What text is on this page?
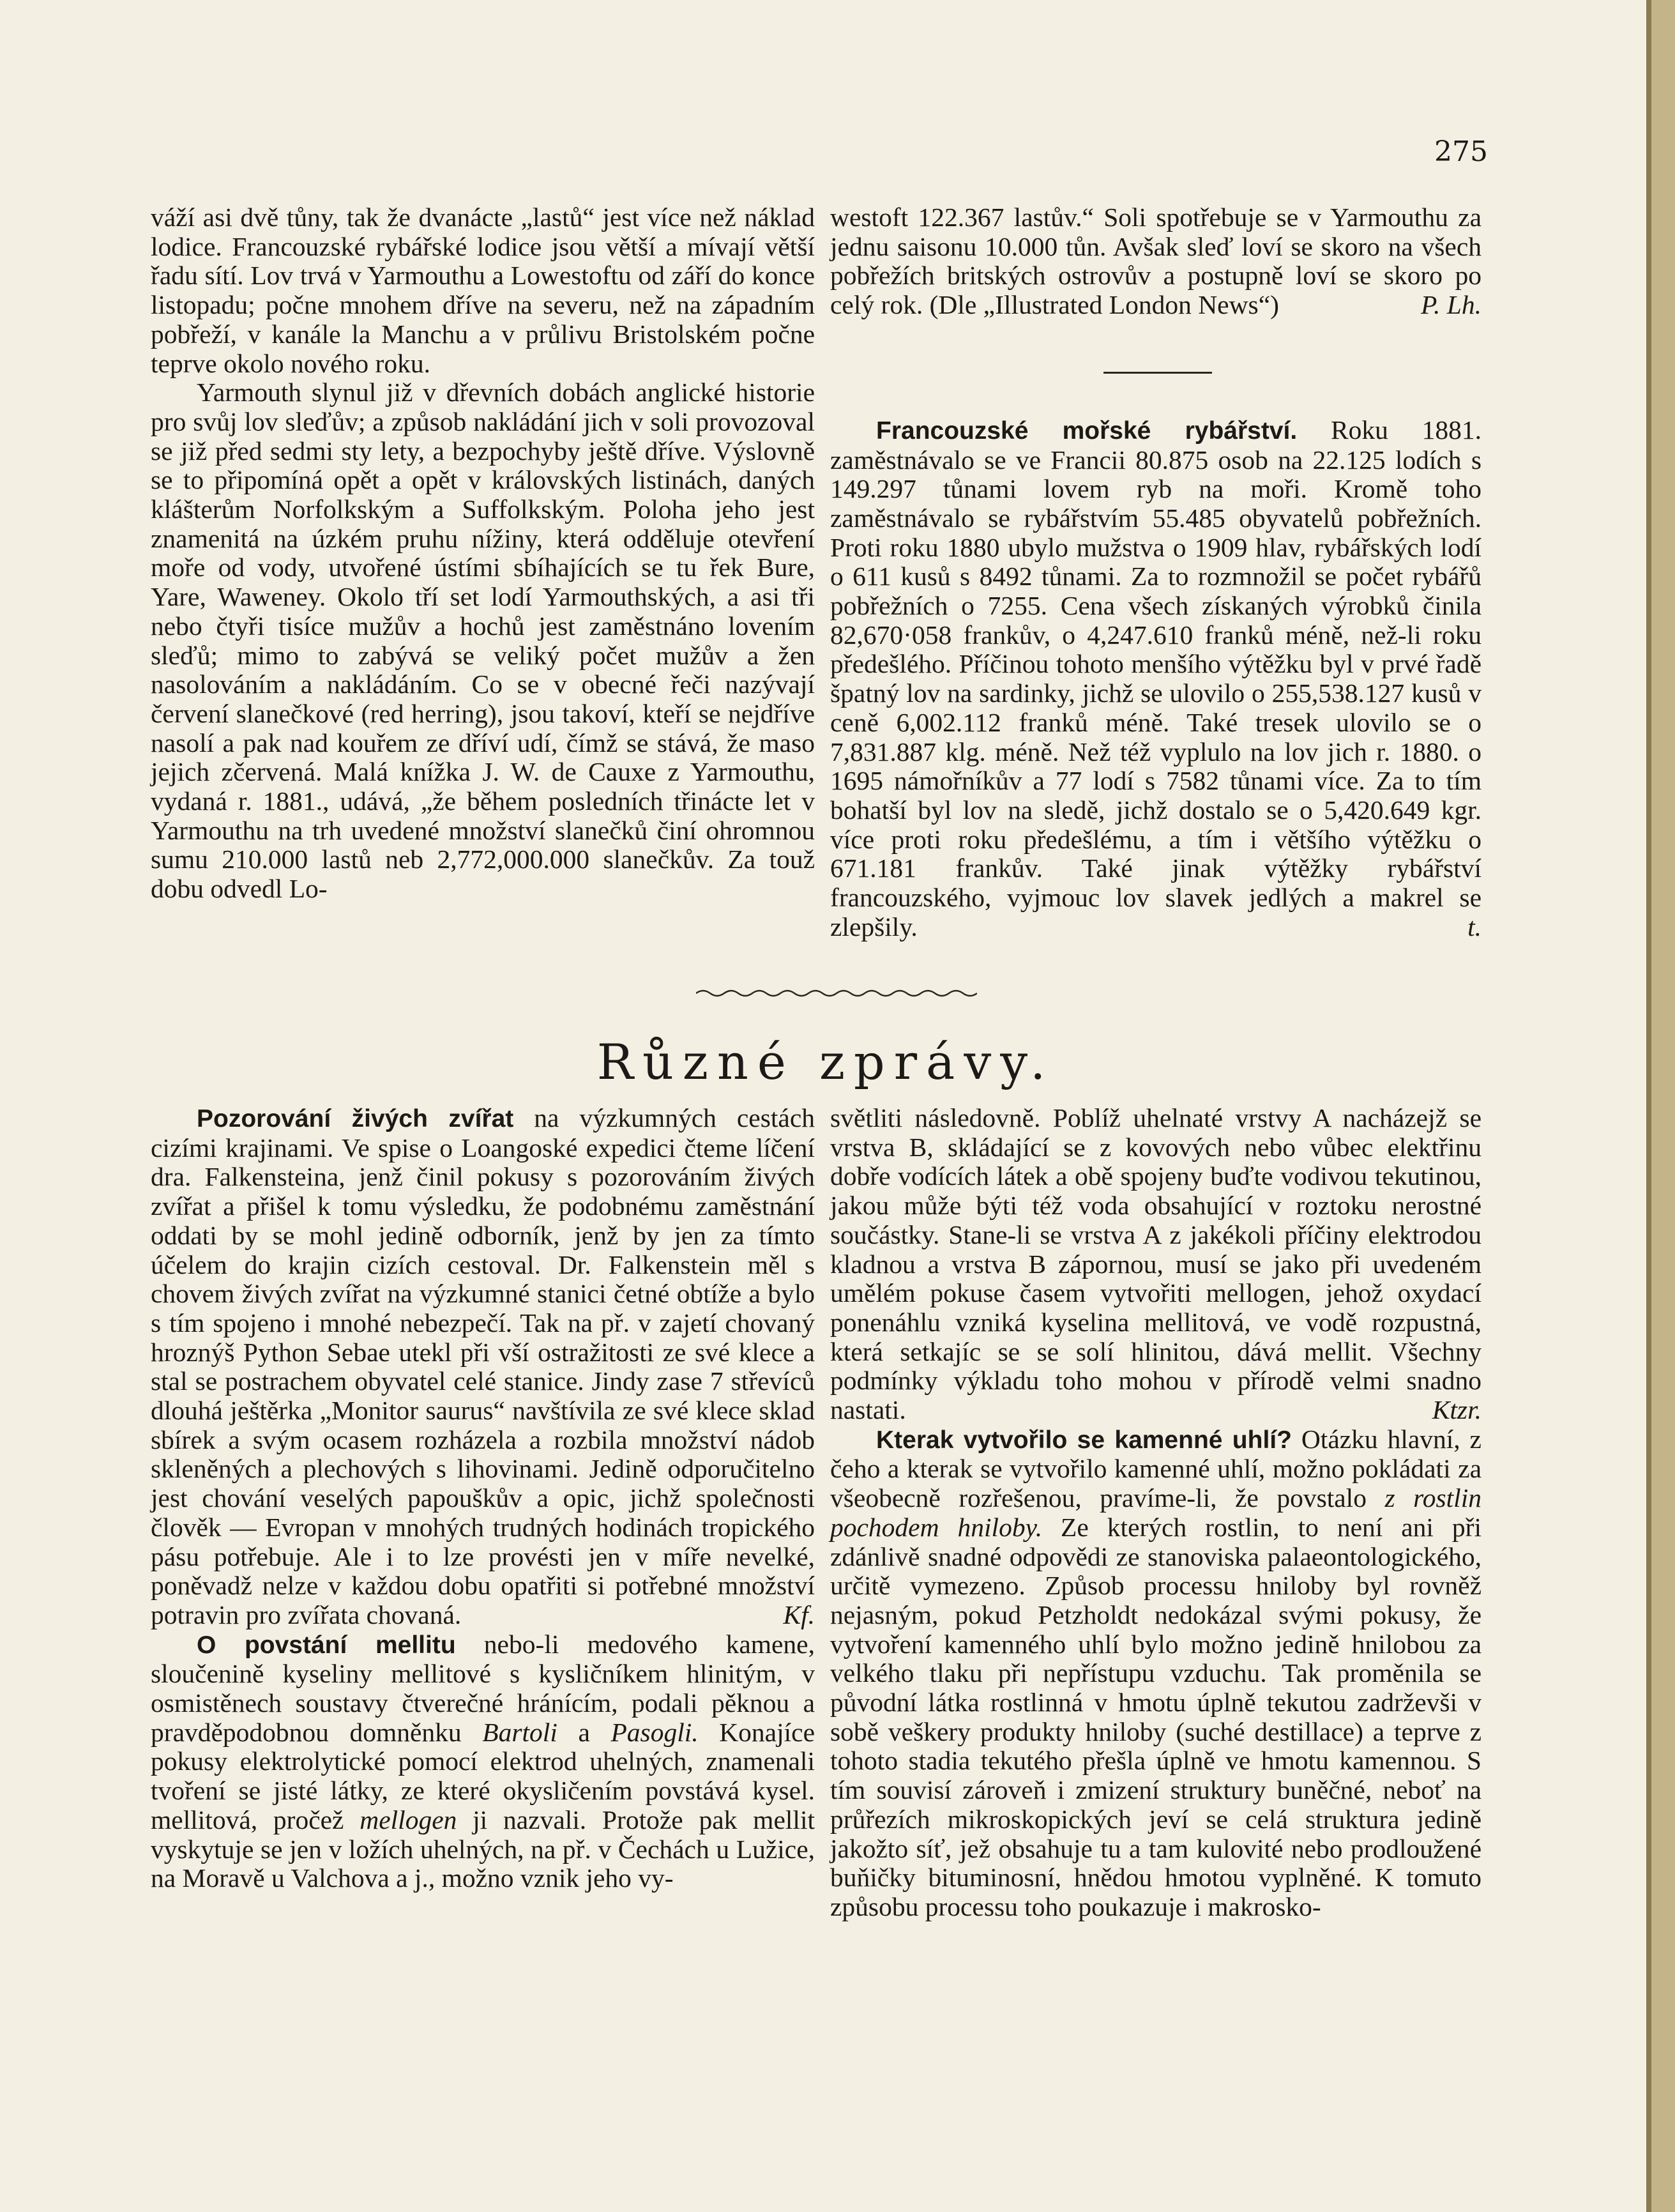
275

váží asi dvě tůny, tak že dvanácte „lastů“ jest více než náklad lodice. Francouzské rybářské lodice jsou větší a mívají větší řadu sítí. Lov trvá v Yarmouthu a Lowestoftu od září do konce listopadu; počne mnohem dříve na severu, než na západním pobřeží, v kanále la Manchu a v průlivu Bristolském počne teprve okolo nového roku.

Yarmouth slynul již v dřevních dobách anglické historie pro svůj lov sleďův; a způsob nakládání jich v soli provozoval se již před sedmi sty lety, a bezpochyby ještě dříve. Výslovně se to připomíná opět a opět v královských listinách, daných klášterům Norfolkským a Suffolkským. Poloha jeho jest znamenitá na úzkém pruhu nížiny, která odděluje otevření moře od vody, utvořené ústími sbíhajících se tu řek Bure, Yare, Waweney. Okolo tří set lodí Yarmouthských, a asi tři nebo čtyři tisíce mužův a hochů jest zaměstnáno lovením sleďů; mimo to zabývá se veliký počet mužův a žen nasolováním a nakládáním. Co se v obecné řeči nazývají červení slanečkové (red herring), jsou takoví, kteří se nejdříve nasolí a pak nad kouřem ze dříví udí, čímž se stává, že maso jejich zčervená. Malá knížka J. W. de Cauxe z Yarmouthu, vydaná r. 1881., udává, „že během posledních třinácte let v Yarmouthu na trh uvedené množství slanečků činí ohromnou sumu 210.000 lastů neb 2,772,000.000 slanečkův. Za touž dobu odvedl Lo-

westoft 122.367 lastův.“ Soli spotřebuje se v Yarmouthu za jednu saisonu 10.000 tůn. Avšak sleď loví se skoro na všech pobřežích britských ostrovův a postupně loví se skoro po celý rok. (Dle „Illustrated London News“)	P. Lh.

Francouzské mořské rybářství. Roku 1881. zaměstnávalo se ve Francii 80.875 osob na 22.125 lodích s 149.297 tůnami lovem ryb na moři. Kromě toho zaměstnávalo se rybářstvím 55.485 obyvatelů pobřežních. Proti roku 1880 ubylo mužstva o 1909 hlav, rybářských lodí o 611 kusů s 8492 tůnami. Za to rozmnožil se počet rybářů pobřežních o 7255. Cena všech získaných výrobků činila 82,670·058 frankův, o 4,247.610 franků méně, než-li roku předešlého. Příčinou tohoto menšího výtěžku byl v prvé řadě špatný lov na sardinky, jichž se ulovilo o 255,538.127 kusů v ceně 6,002.112 franků méně. Také tresek ulovilo se o 7,831.887 klg. méně. Než též vyplulo na lov jich r. 1880. o 1695 námořníkův a 77 lodí s 7582 tůnami více. Za to tím bohatší byl lov na sledě, jichž dostalo se o 5,420.649 kgr. více proti roku předešlému, a tím i většího výtěžku o 671.181 frankův. Také jinak výtěžky rybářství francouzského, vyjmouc lov slavek jedlých a makrel se zlepšily.	t.

Různé zprávy.

Pozorování živých zvířat na výzkumných cestách cizími krajinami. Ve spise o Loangoské expedici čteme líčení dra. Falkensteina, jenž činil pokusy s pozorováním živých zvířat a přišel k tomu výsledku, že podobnému zaměstnání oddati by se mohl jedině odborník, jenž by jen za tímto účelem do krajin cizích cestoval. Dr. Falkenstein měl s chovem živých zvířat na výzkumné stanici četné obtíže a bylo s tím spojeno i mnohé nebezpečí. Tak na př. v zajetí chovaný hroznýš Python Sebae utekl při vší ostražitosti ze své klece a stal se postrachem obyvatel celé stanice. Jindy zase 7 střevíců dlouhá ještěrka „Monitor saurus“ navštívila ze své klece sklad sbírek a svým ocasem rozházela a rozbila množství nádob skleněných a plechových s lihovinami. Jedině odporučitelno jest chování veselých papouškův a opic, jichž společnosti člověk — Evropan v mnohých trudných hodinách tropického pásu potřebuje. Ale i to lze provésti jen v míře nevelké, poněvadž nelze v každou dobu opatřiti si potřebné množství potravin pro zvířata chovaná.	Kf.

O povstání mellitu nebo-li medového kamene, sloučenině kyseliny mellitové s kysličníkem hlinitým, v osmistěnech soustavy čtverečné hránícím, podali pěknou a pravděpodobnou domněnku Bartoli a Pasogli. Konajíce pokusy elektrolytické pomocí elektrod uhelných, znamenali tvoření se jisté látky, ze které okysličením povstává kysel. mellitová, pročež mellogen ji nazvali. Protože pak mellit vyskytuje se jen v ložích uhelných, na př. v Čechách u Lužice, na Moravě u Valchova a j., možno vznik jeho vy-

světliti následovně. Poblíž uhelnaté vrstvy A nacházejž se vrstva B, skládající se z kovových nebo vůbec elektřinu dobře vodících látek a obě spojeny buďte vodivou tekutinou, jakou může býti též voda obsahující v roztoku nerostné součástky. Stane-li se vrstva A z jakékoli příčiny elektrodou kladnou a vrstva B zápornou, musí se jako při uvedeném umělém pokuse časem vytvořiti mellogen, jehož oxydací ponenáhlu vzniká kyselina mellitová, ve vodě rozpustná, která setkajíc se se solí hlinitou, dává mellit. Všechny podmínky výkladu toho mohou v přírodě velmi snadno nastati.	Ktzr.

Kterak vytvořilo se kamenné uhlí? Otázku hlavní, z čeho a kterak se vytvořilo kamenné uhlí, možno pokládati za všeobecně rozřešenou, pravíme-li, že povstalo z rostlin pochodem hniloby. Ze kterých rostlin, to není ani při zdánlivě snadné odpovědi ze stanoviska palaeontologického, určitě vymezeno. Způsob processu hniloby byl rovněž nejasným, pokud Petzholdt nedokázal svými pokusy, že vytvoření kamenného uhlí bylo možno jedině hnilobou za velkého tlaku při nepřístupu vzduchu. Tak proměnila se původní látka rostlinná v hmotu úplně tekutou zadrževši v sobě veškery produkty hniloby (suché destillace) a teprve z tohoto stadia tekutého přešla úplně ve hmotu kamennou. S tím souvisí zároveň i zmizení struktury buněčné, neboť na průřezích mikroskopických jeví se celá struktura jedině jakožto síť, jež obsahuje tu a tam kulovité nebo prodloužené buňičky bituminosní, hnědou hmotou vyplněné. K tomuto způsobu processu toho poukazuje i makrosko-
